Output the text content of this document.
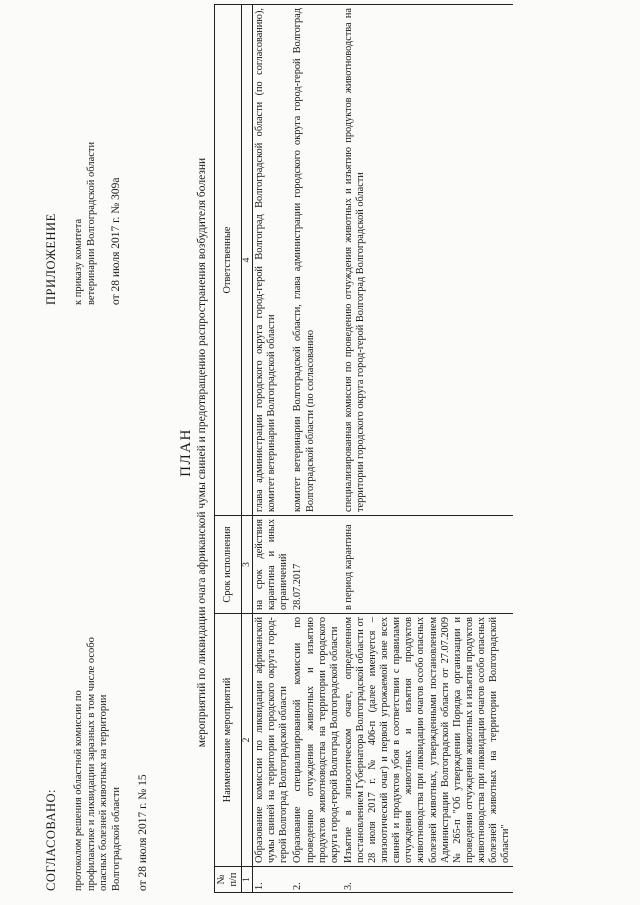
СОГЛАСОВАНО: протоколом решения областной комиссии по профилактике и ликвидации заразных в том числе особо опасных болезней животных на территории Волгоградской области от 28 июля 2017 г. № 15
ПРИЛОЖЕНИЕ к приказу комитета ветеринарии Волгоградской области от 28 июля 2017 г. № 309а
ПЛАН мероприятий по ликвидации очага африканской чумы свиней и предотвращению распространения возбудителя болезни
№ п/п	Наименование мероприятий	Срок исполнения	Ответственные
1	2	3	4
1.	Образование комиссии по ликвидации африканской чумы свиней на территории городского округа город-герой Волгоград Волгоградской области	на срок действия карантина и иных ограничений	глава администрации городского округа город-герой Волгоград Волгоградской области (по согласованию), комитет ветеринарии Волгоградской области
2.	Образование специализированной комиссии по проведению отчуждения животных и изъятию продуктов животноводства на территории городского округа город-герой Волгоград Волгоградской области	28.07.2017	комитет ветеринарии Волгоградской области, глава администрации городского округа город-герой Волгоград Волгоградской области (по согласованию
3.	Изъятие в эпизоотическом очаге, определенном постановлением Губернатора Волгоградской области от 28 июля 2017 г. № 406-п (далее именуется – эпизоотический очаг) и первой угрожаемой зоне всех свиней и продуктов убоя в соответствии с правилами отчуждения животных и изъятия продуктов животноводства при ликвидации очагов особо опасных болезней животных, утвержденными постановлением Администрации Волгоградской области от 27.07.2009 № 265-п "Об утверждении Порядка организации и проведения отчуждения животных и изъятия продуктов животноводства при ликвидации очагов особо опасных болезней животных на территории Волгоградской области"	в период карантина	специализированная комиссия по проведению отчуждения животных и изъятию продуктов животноводства на территории городского округа город-герой Волгоград Волгоградской области
